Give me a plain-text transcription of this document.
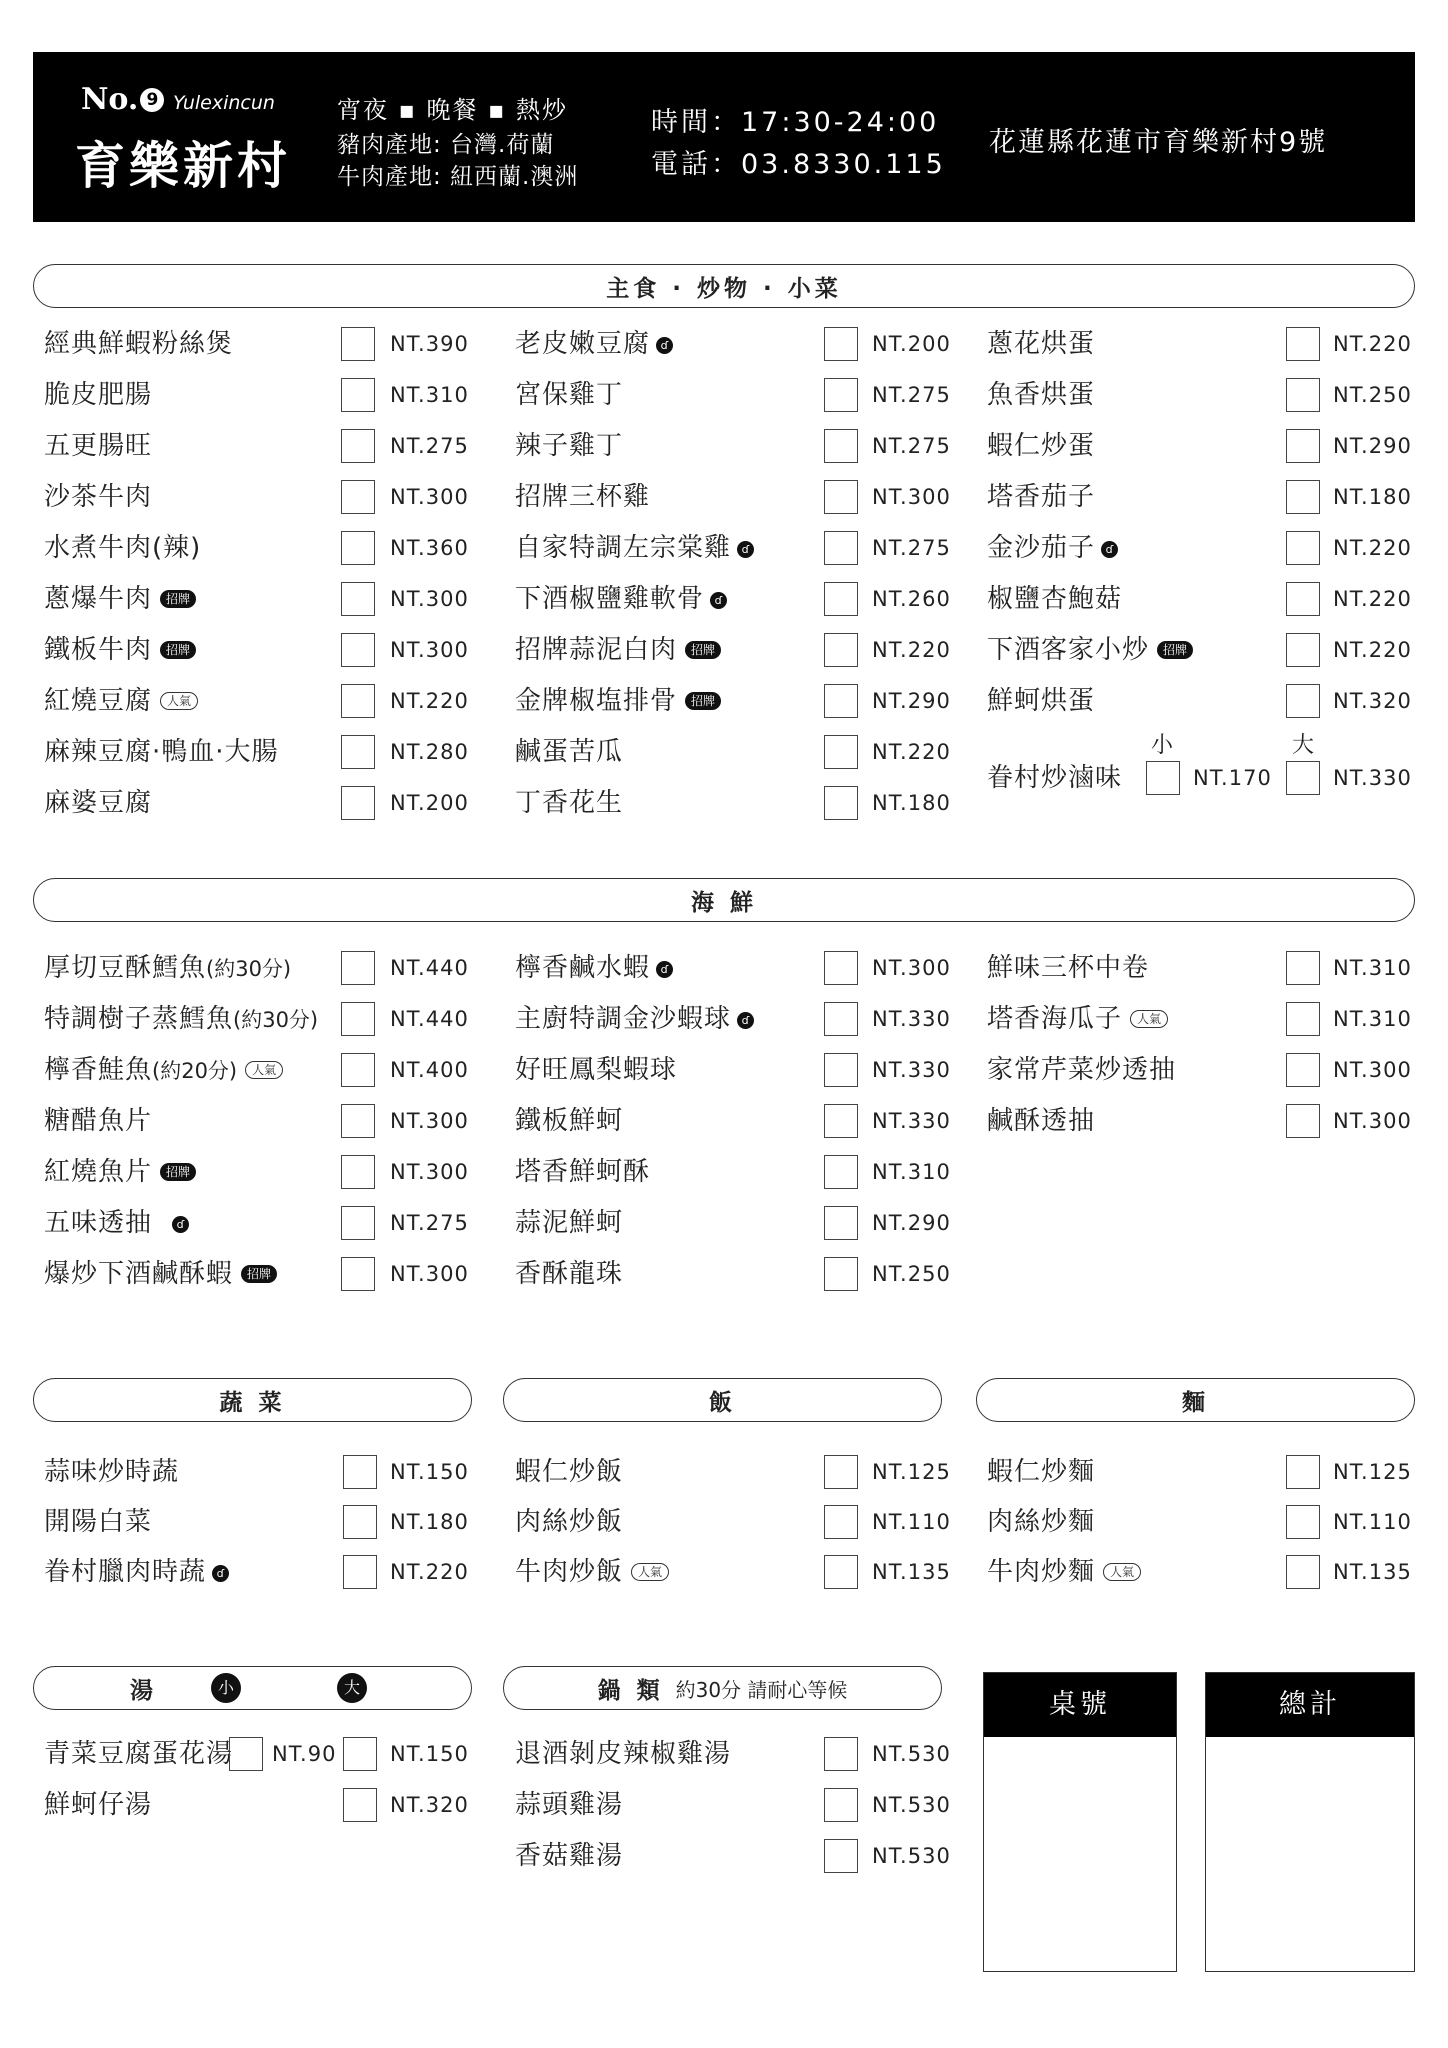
No. 9 Yulexincun
育樂新村
宵夜 ▪ 晚餐 ▪ 熱炒
豬肉產地: 台灣.荷蘭
牛肉產地: 紐西蘭.澳洲
時間：17:30-24:00
電話：03.8330.115
花蓮縣花蓮市育樂新村9號
主食 · 炒物 · 小菜
海 鮮
蔬 菜	飯	麵
湯	小	大	鍋 類 約30分 請耐心等候
經典鮮蝦粉絲煲	NT.390
脆皮肥腸	NT.310
五更腸旺	NT.275
沙茶牛肉	NT.300
水煮牛肉(辣)	NT.360
蔥爆牛肉 招牌	NT.300
鐵板牛肉 招牌	NT.300
紅燒豆腐 人氣	NT.220
麻辣豆腐·鴨血·大腸	NT.280
麻婆豆腐	NT.200
老皮嫩豆腐 ɗ	NT.200
宮保雞丁	NT.275
辣子雞丁	NT.275
招牌三杯雞	NT.300
自家特調左宗棠雞 ɗ	NT.275
下酒椒鹽雞軟骨 ɗ	NT.260
招牌蒜泥白肉 招牌	NT.220
金牌椒塩排骨 招牌	NT.290
鹹蛋苦瓜	NT.220
丁香花生	NT.180
蔥花烘蛋	NT.220
魚香烘蛋	NT.250
蝦仁炒蛋	NT.290
塔香茄子	NT.180
金沙茄子 ɗ	NT.220
椒鹽杏鮑菇	NT.220
下酒客家小炒 招牌	NT.220
鮮蚵烘蛋	NT.320
小	大
眷村炒滷味	NT.170	NT.330
厚切豆酥鱈魚(約30分)	NT.440
特調樹子蒸鱈魚(約30分)	NT.440
檸香鮭魚(約20分) 人氣	NT.400
糖醋魚片	NT.300
紅燒魚片 招牌	NT.300
五味透抽 ɗ	NT.275
爆炒下酒鹹酥蝦 招牌	NT.300
檸香鹹水蝦 ɗ	NT.300
主廚特調金沙蝦球 ɗ	NT.330
好旺鳳梨蝦球	NT.330
鐵板鮮蚵	NT.330
塔香鮮蚵酥	NT.310
蒜泥鮮蚵	NT.290
香酥龍珠	NT.250
鮮味三杯中卷	NT.310
塔香海瓜子 人氣	NT.310
家常芹菜炒透抽	NT.300
鹹酥透抽	NT.300
蒜味炒時蔬	NT.150
開陽白菜	NT.180
眷村臘肉時蔬 ɗ	NT.220
蝦仁炒飯	NT.125
肉絲炒飯	NT.110
牛肉炒飯 人氣	NT.135
蝦仁炒麵	NT.125
肉絲炒麵	NT.110
牛肉炒麵 人氣	NT.135
青菜豆腐蛋花湯 NT.90	NT.150
鮮蚵仔湯	NT.320
退酒剝皮辣椒雞湯	NT.530
蒜頭雞湯	NT.530
香菇雞湯	NT.530
桌號	總計
